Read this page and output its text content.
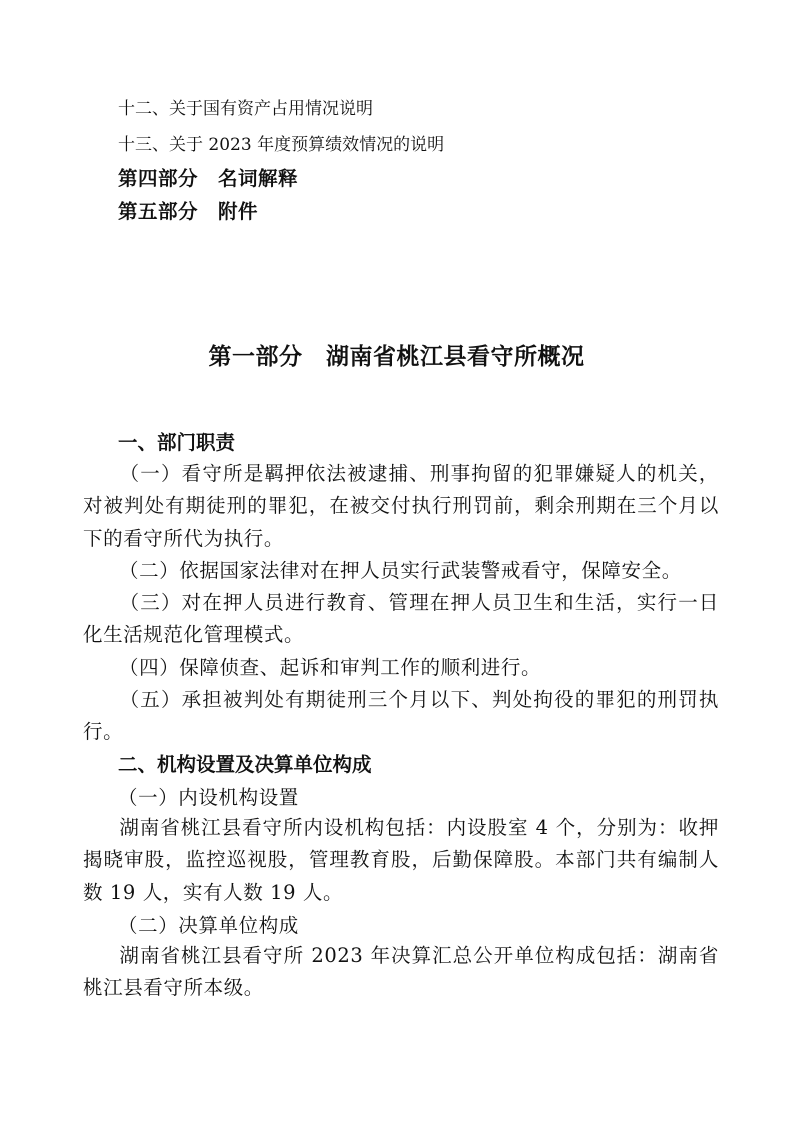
十二、关于国有资产占用情况说明
十三、关于 2023 年度预算绩效情况的说明
第四部分　名词解释
第五部分　附件
第一部分　湖南省桃江县看守所概况
一、部门职责
（一）看守所是羁押依法被逮捕、刑事拘留的犯罪嫌疑人的机关，对被判处有期徒刑的罪犯，在被交付执行刑罚前，剩余刑期在三个月以下的看守所代为执行。
（二）依据国家法律对在押人员实行武装警戒看守，保障安全。
（三）对在押人员进行教育、管理在押人员卫生和生活，实行一日化生活规范化管理模式。
（四）保障侦查、起诉和审判工作的顺利进行。
（五）承担被判处有期徒刑三个月以下、判处拘役的罪犯的刑罚执行。
二、机构设置及决算单位构成
（一）内设机构设置
湖南省桃江县看守所内设机构包括：内设股室 4 个，分别为：收押揭晓审股，监控巡视股，管理教育股，后勤保障股。本部门共有编制人数 19 人，实有人数 19 人。
（二）决算单位构成
湖南省桃江县看守所 2023 年决算汇总公开单位构成包括：湖南省桃江县看守所本级。
